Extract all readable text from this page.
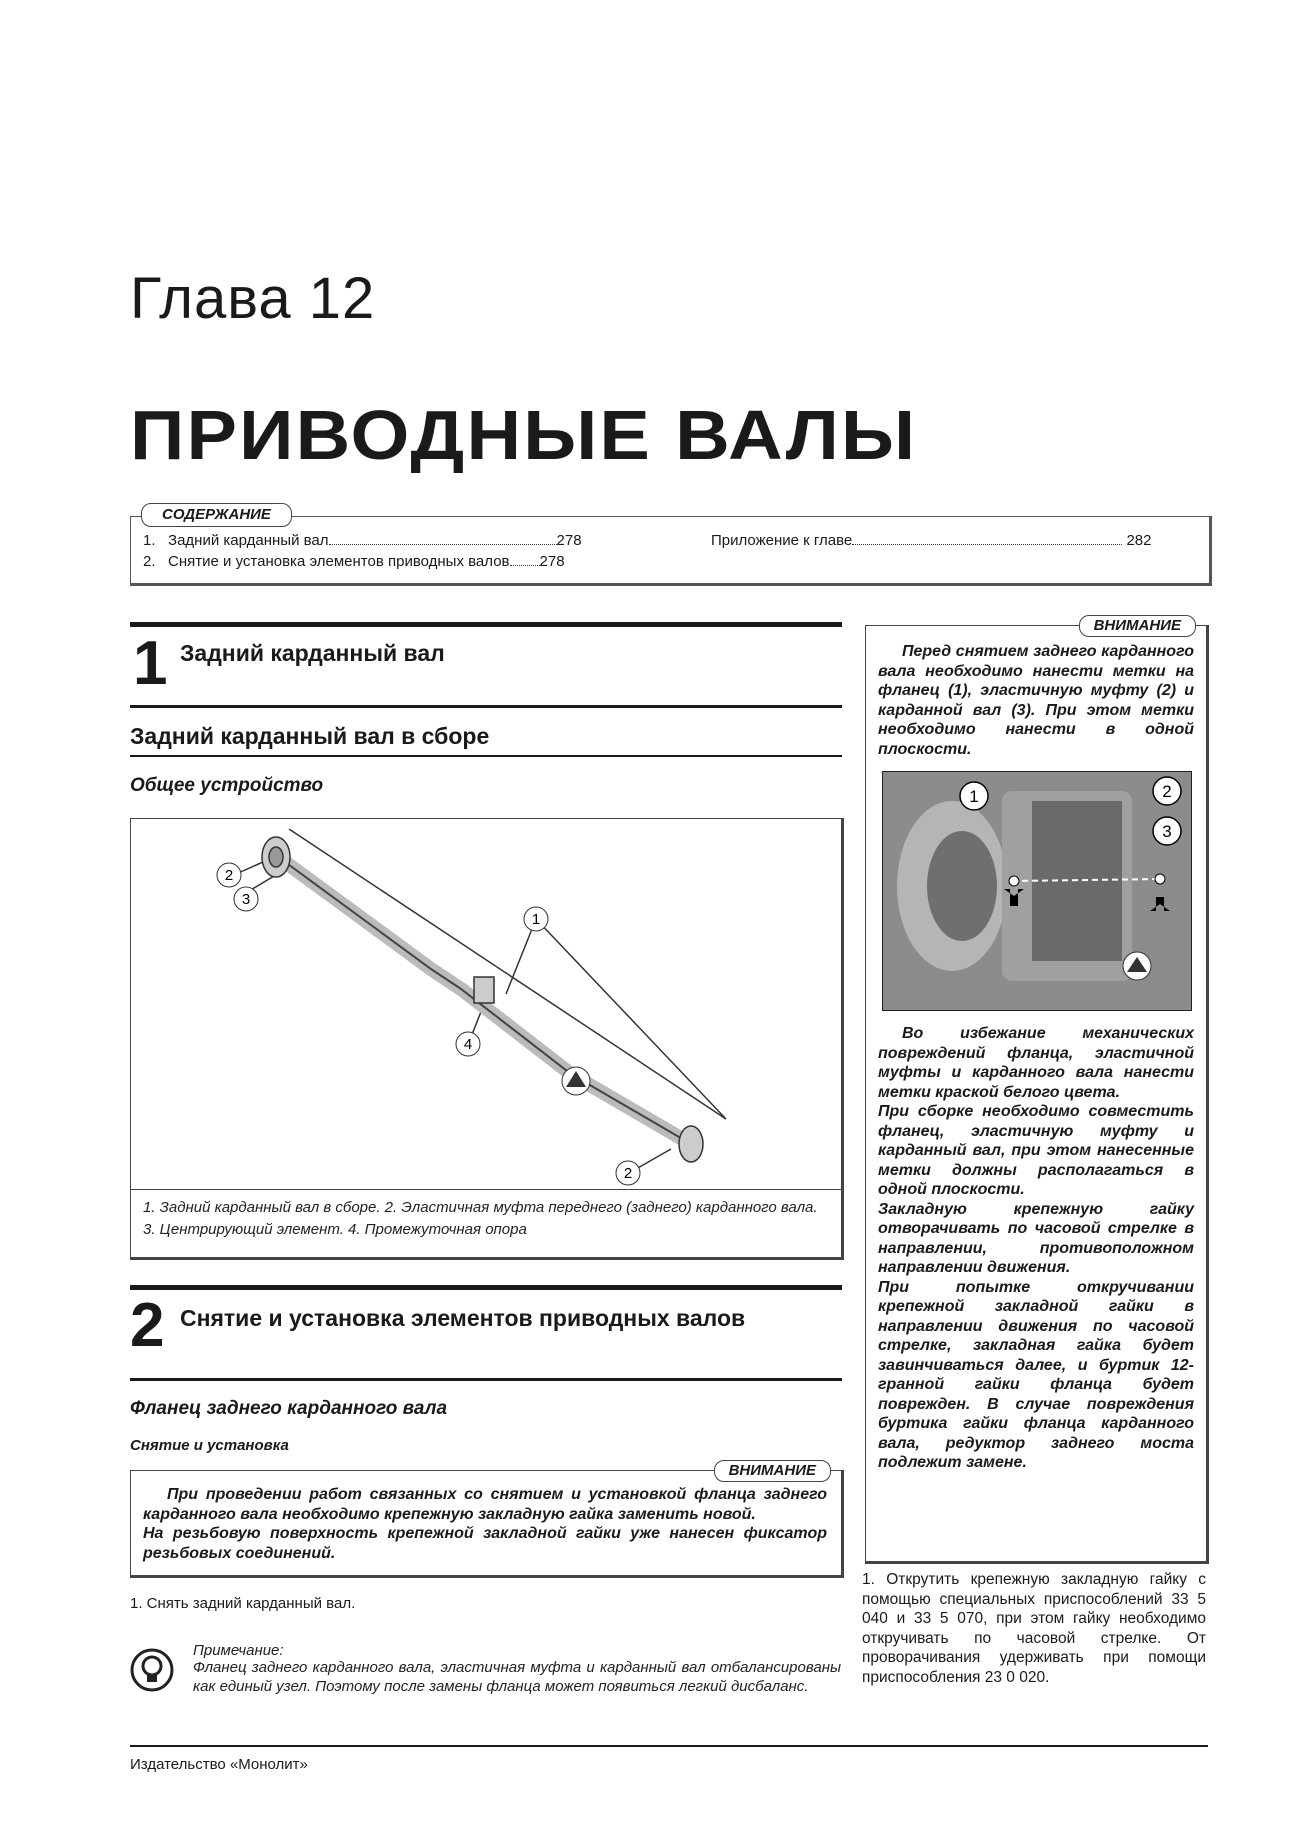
Глава 12
ПРИВОДНЫЕ ВАЛЫ
СОДЕРЖАНИЕ
1. Задний карданный вал	278
2. Снятие и установка элементов приводных валов 278
Приложение к главе	282
1 Задний карданный вал
Задний карданный вал в сборе
Общее устройство
1
2
3
4
2
1. Задний карданный вал в сборе. 2. Эластичная муфта переднего (заднего) карданного вала. 3. Центрирующий элемент. 4. Промежуточная опора
2 Снятие и установка элементов приводных валов
Фланец заднего карданного вала
Снятие и установка
ВНИМАНИЕ
При проведении работ связанных со снятием и установкой фланца заднего карданного вала необходимо крепежную закладную гайка заменить новой.
На резьбовую поверхность крепежной закладной гайки уже нанесен фиксатор резьбовых соединений.
1. Снять задний карданный вал.
Примечание:
Фланец заднего карданного вала, эластичная муфта и карданный вал отбалансированы как единый узел. Поэтому после замены фланца может появиться легкий дисбаланс.
ВНИМАНИЕ
Перед снятием заднего карданного вала необходимо нанести метки на фланец (1), эластичную муфту (2) и карданной вал (3). При этом метки необходимо нанести в одной плоскости.
1	2
3
Во избежание механических повреждений фланца, эластичной муфты и карданного вала нанести метки краской белого цвета.
При сборке необходимо совместить фланец, эластичную муфту и карданный вал, при этом нанесенные метки должны располагаться в одной плоскости.
Закладную крепежную гайку отворачивать по часовой стрелке в направлении, противоположном направлении движения.
При попытке откручивании крепежной закладной гайки в направлении движения по часовой стрелке, закладная гайка будет завинчиваться далее, и буртик 12-гранной гайки фланца будет поврежден. В случае повреждения буртика гайки фланца карданного вала, редуктор заднего моста подлежит замене.
1. Открутить крепежную закладную гайку с помощью специальных приспособлений 33 5 040 и 33 5 070, при этом гайку необходимо откручивать по часовой стрелке. От проворачивания удерживать при помощи приспособления 23 0 020.
Издательство «Монолит»
